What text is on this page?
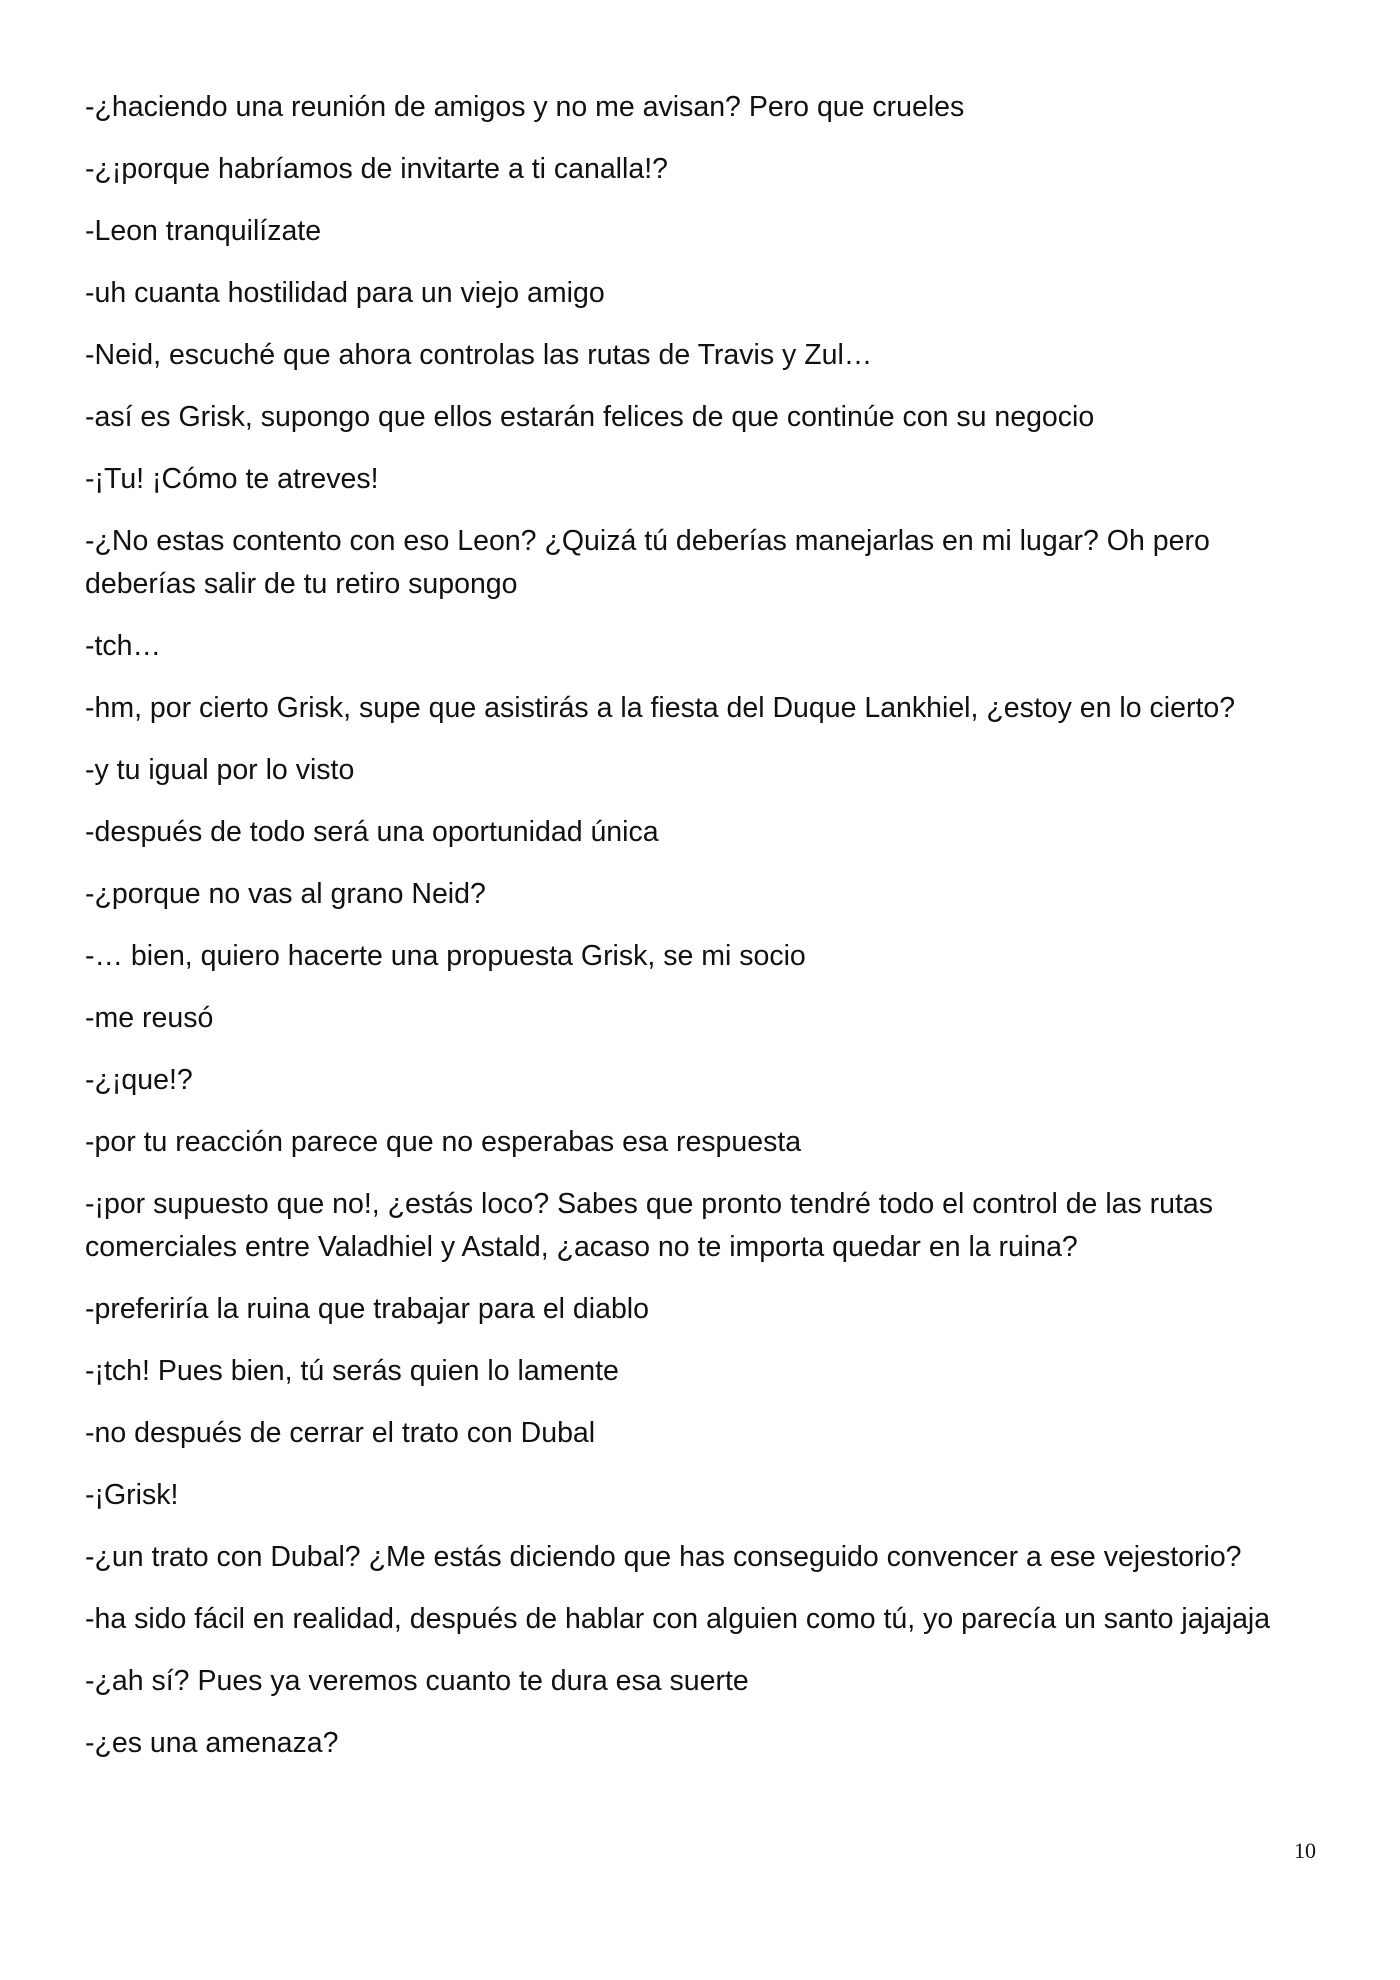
-¿haciendo una reunión de amigos y no me avisan? Pero que crueles

-¿¡porque habríamos de invitarte a ti canalla!?

-Leon tranquilízate

-uh cuanta hostilidad para un viejo amigo

-Neid, escuché que ahora controlas las rutas de Travis y Zul…

-así es Grisk, supongo que ellos estarán felices de que continúe con su negocio

-¡Tu! ¡Cómo te atreves!

-¿No estas contento con eso Leon? ¿Quizá tú deberías manejarlas en mi lugar? Oh pero deberías salir de tu retiro supongo

-tch…

-hm, por cierto Grisk, supe que asistirás a la fiesta del Duque Lankhiel, ¿estoy en lo cierto?

-y tu igual por lo visto

-después de todo será una oportunidad única

-¿porque no vas al grano Neid?

-… bien, quiero hacerte una propuesta Grisk, se mi socio

-me reusó

-¿¡que!?

-por tu reacción parece que no esperabas esa respuesta

-¡por supuesto que no!, ¿estás loco? Sabes que pronto tendré todo el control de las rutas comerciales entre Valadhiel y Astald, ¿acaso no te importa quedar en la ruina?

-preferiría la ruina que trabajar para el diablo

-¡tch! Pues bien, tú serás quien lo lamente

-no después de cerrar el trato con Dubal

-¡Grisk!

-¿un trato con Dubal? ¿Me estás diciendo que has conseguido convencer a ese vejestorio?

-ha sido fácil en realidad, después de hablar con alguien como tú, yo parecía un santo jajajaja

-¿ah sí? Pues ya veremos cuanto te dura esa suerte

-¿es una amenaza?

10
